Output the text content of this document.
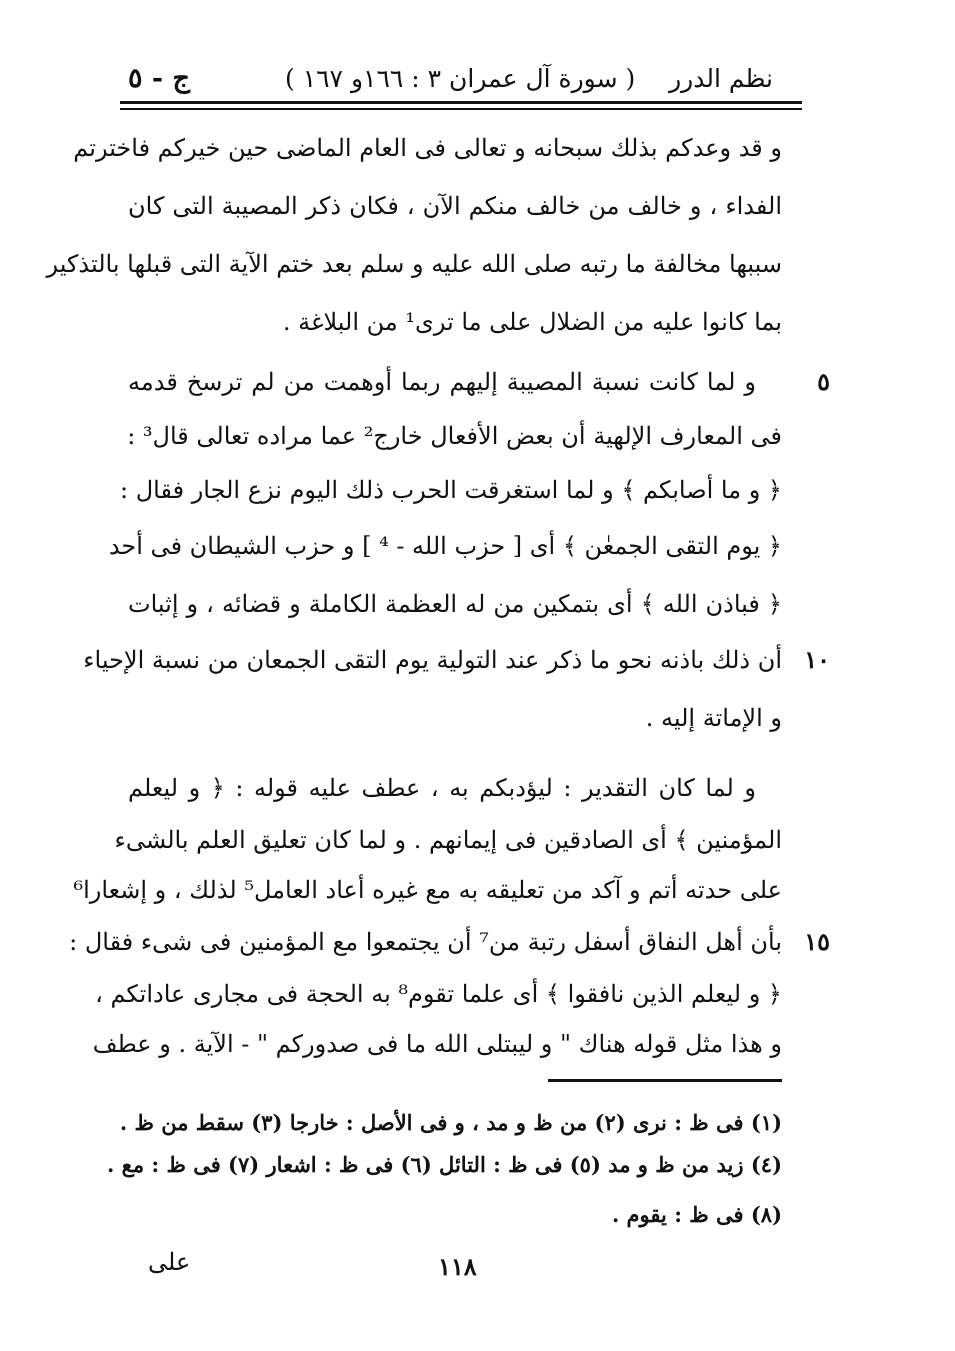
نظم الدرر
( سورة آل عمران ٣ : ١٦٦و ١٦٧ )
ج - ٥
و قد وعدكم بذلك سبحانه و تعالى فى العام الماضى حين خيركم فاخترتم
الفداء ، و خالف من خالف منكم الآن ، فكان ذكر المصيبة التى كان
سببها مخالفة ما رتبه صلى الله عليه و سلم بعد ختم الآية التى قبلها بالتذكير
بما كانوا عليه من الضلال على ما ترى¹ من البلاغة .
٥
و لما كانت نسبة المصيبة إليهم ربما أوهمت من لم ترسخ قدمه
فى المعارف الإلهية أن بعض الأفعال خارج² عما مراده تعالى قال³ :
﴿ و ما أصابكم ﴾ و لما استغرقت الحرب ذلك اليوم نزع الجار فقال :
﴿ يوم التقى الجمعٰن ﴾ أى [ حزب الله - ⁴ ] و حزب الشيطان فى أحد
﴿ فباذن الله ﴾ أى بتمكين من له العظمة الكاملة و قضائه ، و إثبات
١٠
أن ذلك باذنه نحو ما ذكر عند التولية يوم التقى الجمعان من نسبة الإحياء
و الإماتة إليه .
و لما كان التقدير : ليؤدبكم به ، عطف عليه قوله : ﴿ و ليعلم
المؤمنين ﴾ أى الصادقين فى إيمانهم . و لما كان تعليق العلم بالشىء
على حدته أتم و آكد من تعليقه به مع غيره أعاد العامل⁵ لذلك ، و إشعارا⁶
١٥
بأن أهل النفاق أسفل رتبة من⁷ أن يجتمعوا مع المؤمنين فى شىء فقال :
﴿ و ليعلم الذين نافقوا ﴾ أى علما تقوم⁸ به الحجة فى مجارى عاداتكم ،
و هذا مثل قوله هناك " و ليبتلى الله ما فى صدوركم " - الآية . و عطف
(١) فى ظ : نرى (٢) من ظ و مد ، و فى الأصل : خارجا (٣) سقط من ظ .
(٤) زيد من ظ و مد (٥) فى ظ : التائل (٦) فى ظ : اشعار (٧) فى ظ : مع .
(٨) فى ظ : يقوم .
١١٨
على
